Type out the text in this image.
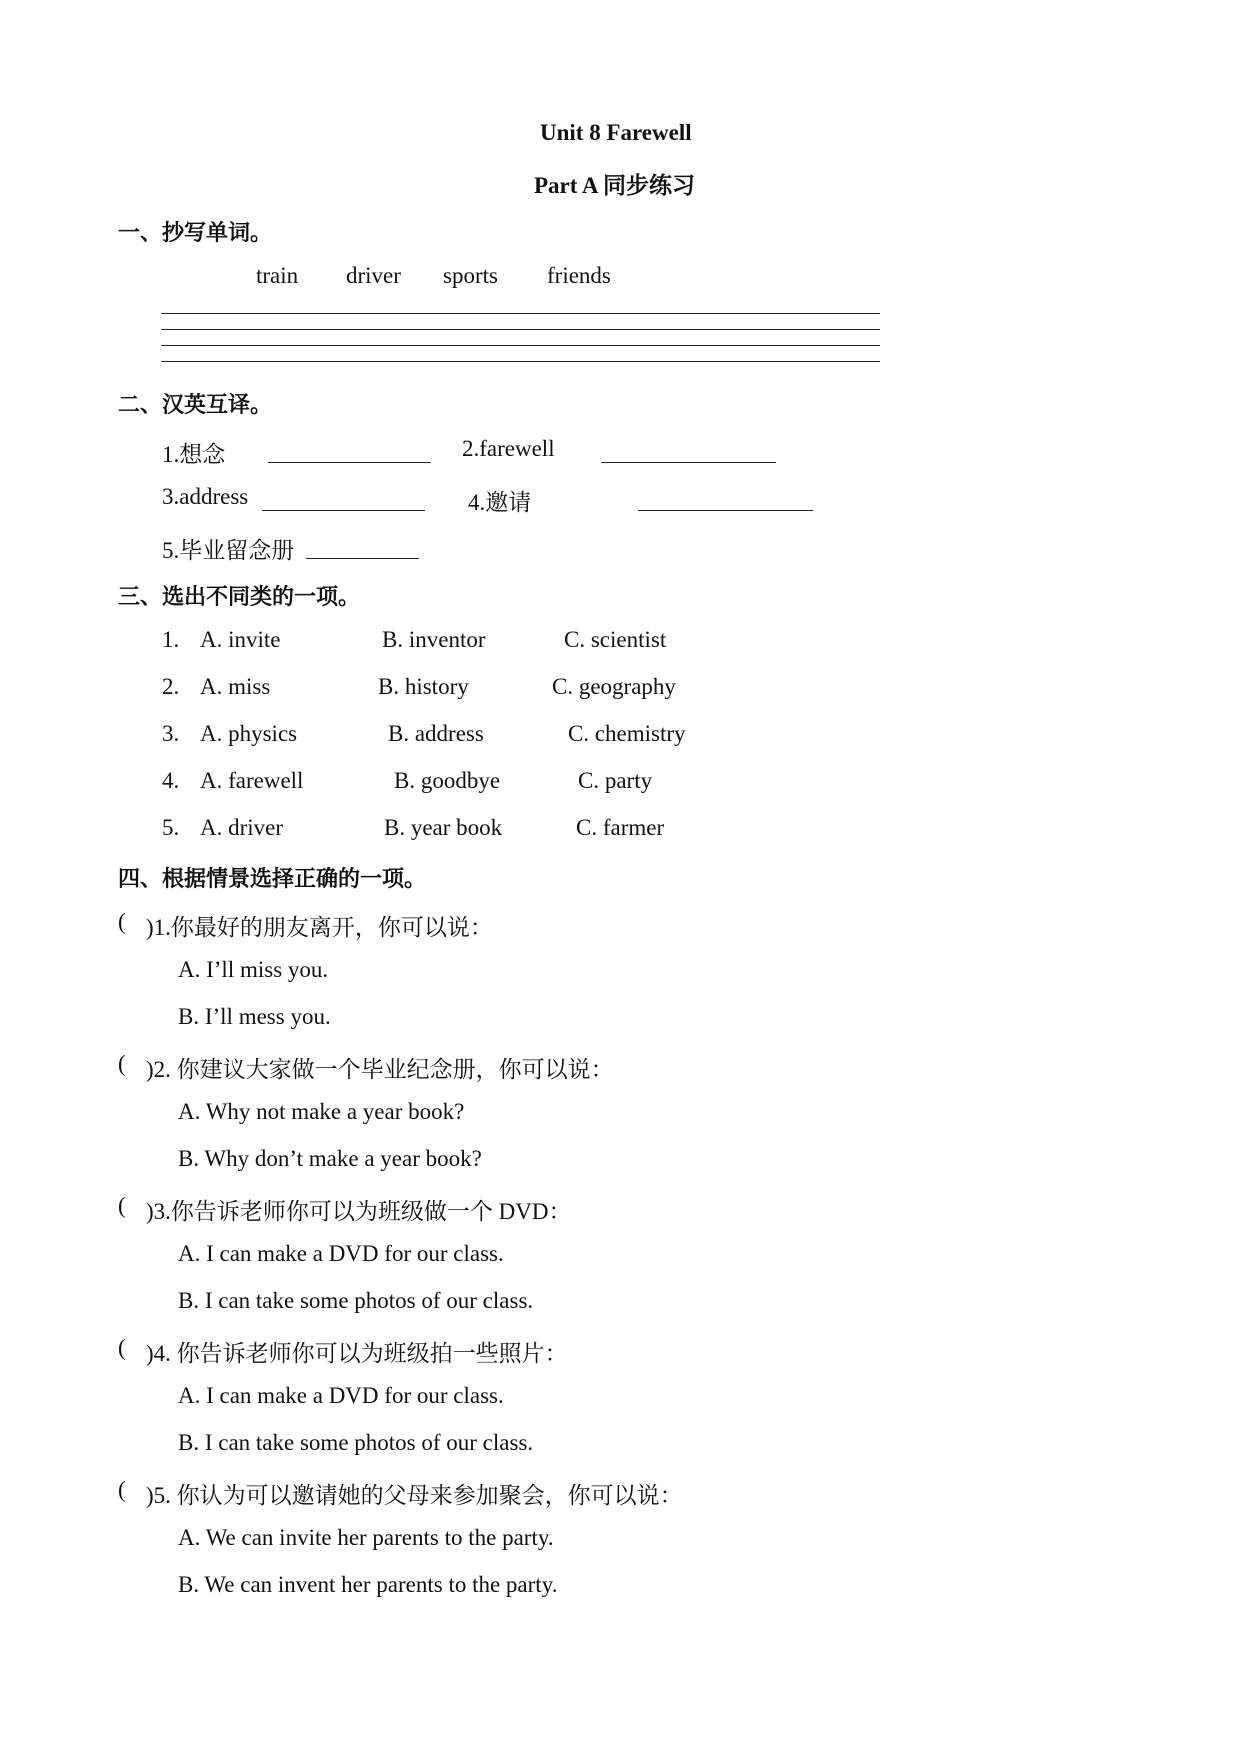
Unit 8 Farewell
Part A 同步练习
一、抄写单词。
train driver sports friends
二、汉英互译。
1.想念	2.farewell
3.address	4.邀请
5.毕业留念册
三、选出不同类的一项。
1. A. invite	B. inventor	C. scientist
2. A. miss	B. history	C. geography
3. A. physics	B. address	C. chemistry
4. A. farewell	B. goodbye	C. party
5. A. driver	B. year book	C. farmer
四、根据情景选择正确的一项。
( )1.你最好的朋友离开，你可以说：
A. I’ll miss you.
B. I’ll mess you.
( )2. 你建议大家做一个毕业纪念册，你可以说：
A. Why not make a year book?
B. Why don’t make a year book?
( )3.你告诉老师你可以为班级做一个 DVD：
A. I can make a DVD for our class.
B. I can take some photos of our class.
( )4. 你告诉老师你可以为班级拍一些照片：
A. I can make a DVD for our class.
B. I can take some photos of our class.
( )5. 你认为可以邀请她的父母来参加聚会，你可以说：
A. We can invite her parents to the party.
B. We can invent her parents to the party.
